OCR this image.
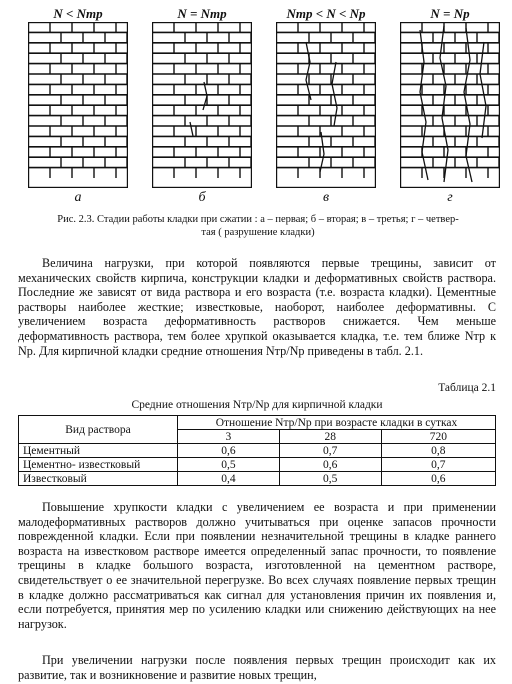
N < Nтр
а
N = Nтр
б
Nтр < N < Nр
в
N = Nр
г
Рис. 2.3. Стадии работы кладки при сжатии : а – первая; б – вторая; в – третья; г – четвер-
тая ( разрушение кладки)
Величина нагрузки, при которой появляются первые трещины, зависит от механических свойств кирпича, конструкции кладки и деформативных свойств раствора. Последние же зависят от вида раствора и его возраста (т.е. возраста кладки). Цементные растворы наиболее жесткие; известковые, наоборот, наиболее деформативны. С увеличением возраста деформативность растворов снижается. Чем меньше деформативность раствора, тем более хрупкой оказывается кладка, т.е. тем ближе Nтр к Nр. Для кирпичной кладки средние отношения Nтр/Nр приведены в табл. 2.1.
Таблица 2.1
Средние отношения Nтр/Nр для кирпичной кладки
Вид раствора	Отношение Nтр/Nр при возрасте кладки в сутках		
	3	28	720
Цементный	0,6	0,7	0,8
Цементно- известковый	0,5	0,6	0,7
Известковый	0,4	0,5	0,6
Повышение хрупкости кладки с увеличением ее возраста и при применении малодеформативных растворов должно учитываться при оценке запасов прочности поврежденной кладки. Если при появлении незначительной трещины в кладке раннего возраста на известковом растворе имеется определенный запас прочности, то появление трещины в кладке большого возраста, изготовленной на цементном растворе, свидетельствует о ее значительной перегрузке. Во всех случаях появление первых трещин в кладке должно рассматриваться как сигнал для установления причин их появления и, если потребуется, принятия мер по усилению кладки или снижению действующих на нее нагрузок.
При увеличении нагрузки после появления первых трещин происходит как их развитие, так и возникновение и развитие новых трещин,
